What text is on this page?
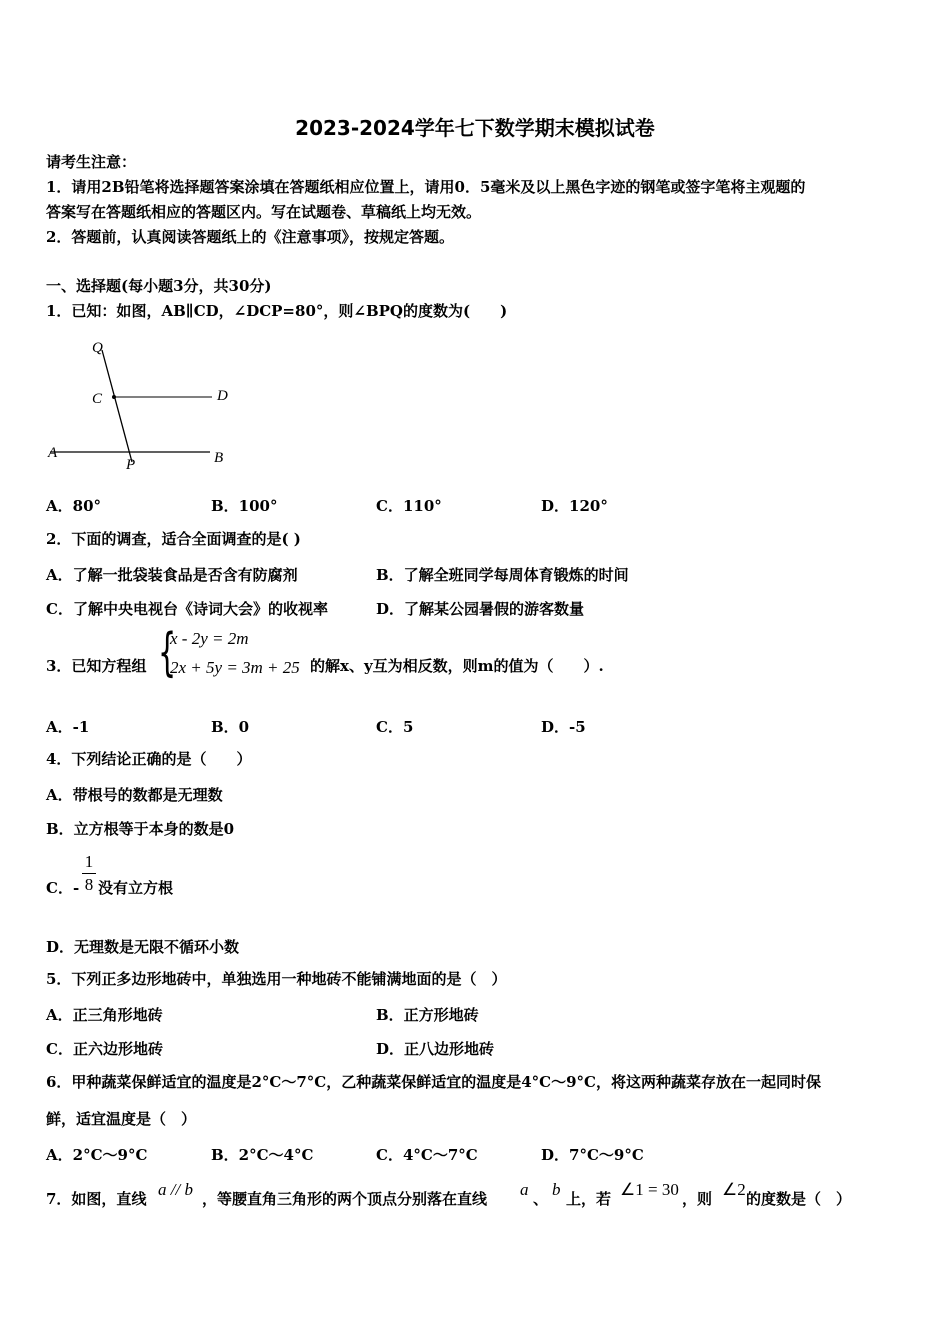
2023-2024学年七下数学期末模拟试卷
请考生注意：
1．请用2B铅笔将选择题答案涂填在答题纸相应位置上，请用0．5毫米及以上黑色字迹的钢笔或签字笔将主观题的
答案写在答题纸相应的答题区内。写在试题卷、草稿纸上均无效。
2．答题前，认真阅读答题纸上的《注意事项》，按规定答题。
一、选择题(每小题3分，共30分)
1．已知：如图，AB∥CD，∠DCP=80°，则∠BPQ的度数为(　　)
Q
C	D
A
P	B
A．80°	B．100°	C．110°	D．120°
2．下面的调查，适合全面调查的是( )
A．了解一批袋装食品是否含有防腐剂	B．了解全班同学每周体育锻炼的时间
C．了解中央电视台《诗词大会》的收视率	D．了解某公园暑假的游客数量
3．已知方程组 {
x - 2y = 2m
2x + 5y = 3m + 25 的解x、y互为相反数，则m的值为（　　）.
A．-1	B．0	C．5	D．-5
4．下列结论正确的是（　　）
A．带根号的数都是无理数
B．立方根等于本身的数是0
C．-
1
8 没有立方根
D．无理数是无限不循环小数
5．下列正多边形地砖中，单独选用一种地砖不能铺满地面的是（　）
A．正三角形地砖	B．正方形地砖
C．正六边形地砖	D．正八边形地砖
6．甲种蔬菜保鲜适宜的温度是2°C～7°C，乙种蔬菜保鲜适宜的温度是4°C～9°C，将这两种蔬菜存放在一起同时保
鲜，适宜温度是（　）
A．2°C～9°C	B．2°C～4°C	C．4°C～7°C	D．7°C～9°C
7．如图，直线 a // b ，等腰直角三角形的两个顶点分别落在直线 a 、 b 上，若 ∠1 = 30 ，则 ∠2 的度数是（　）
